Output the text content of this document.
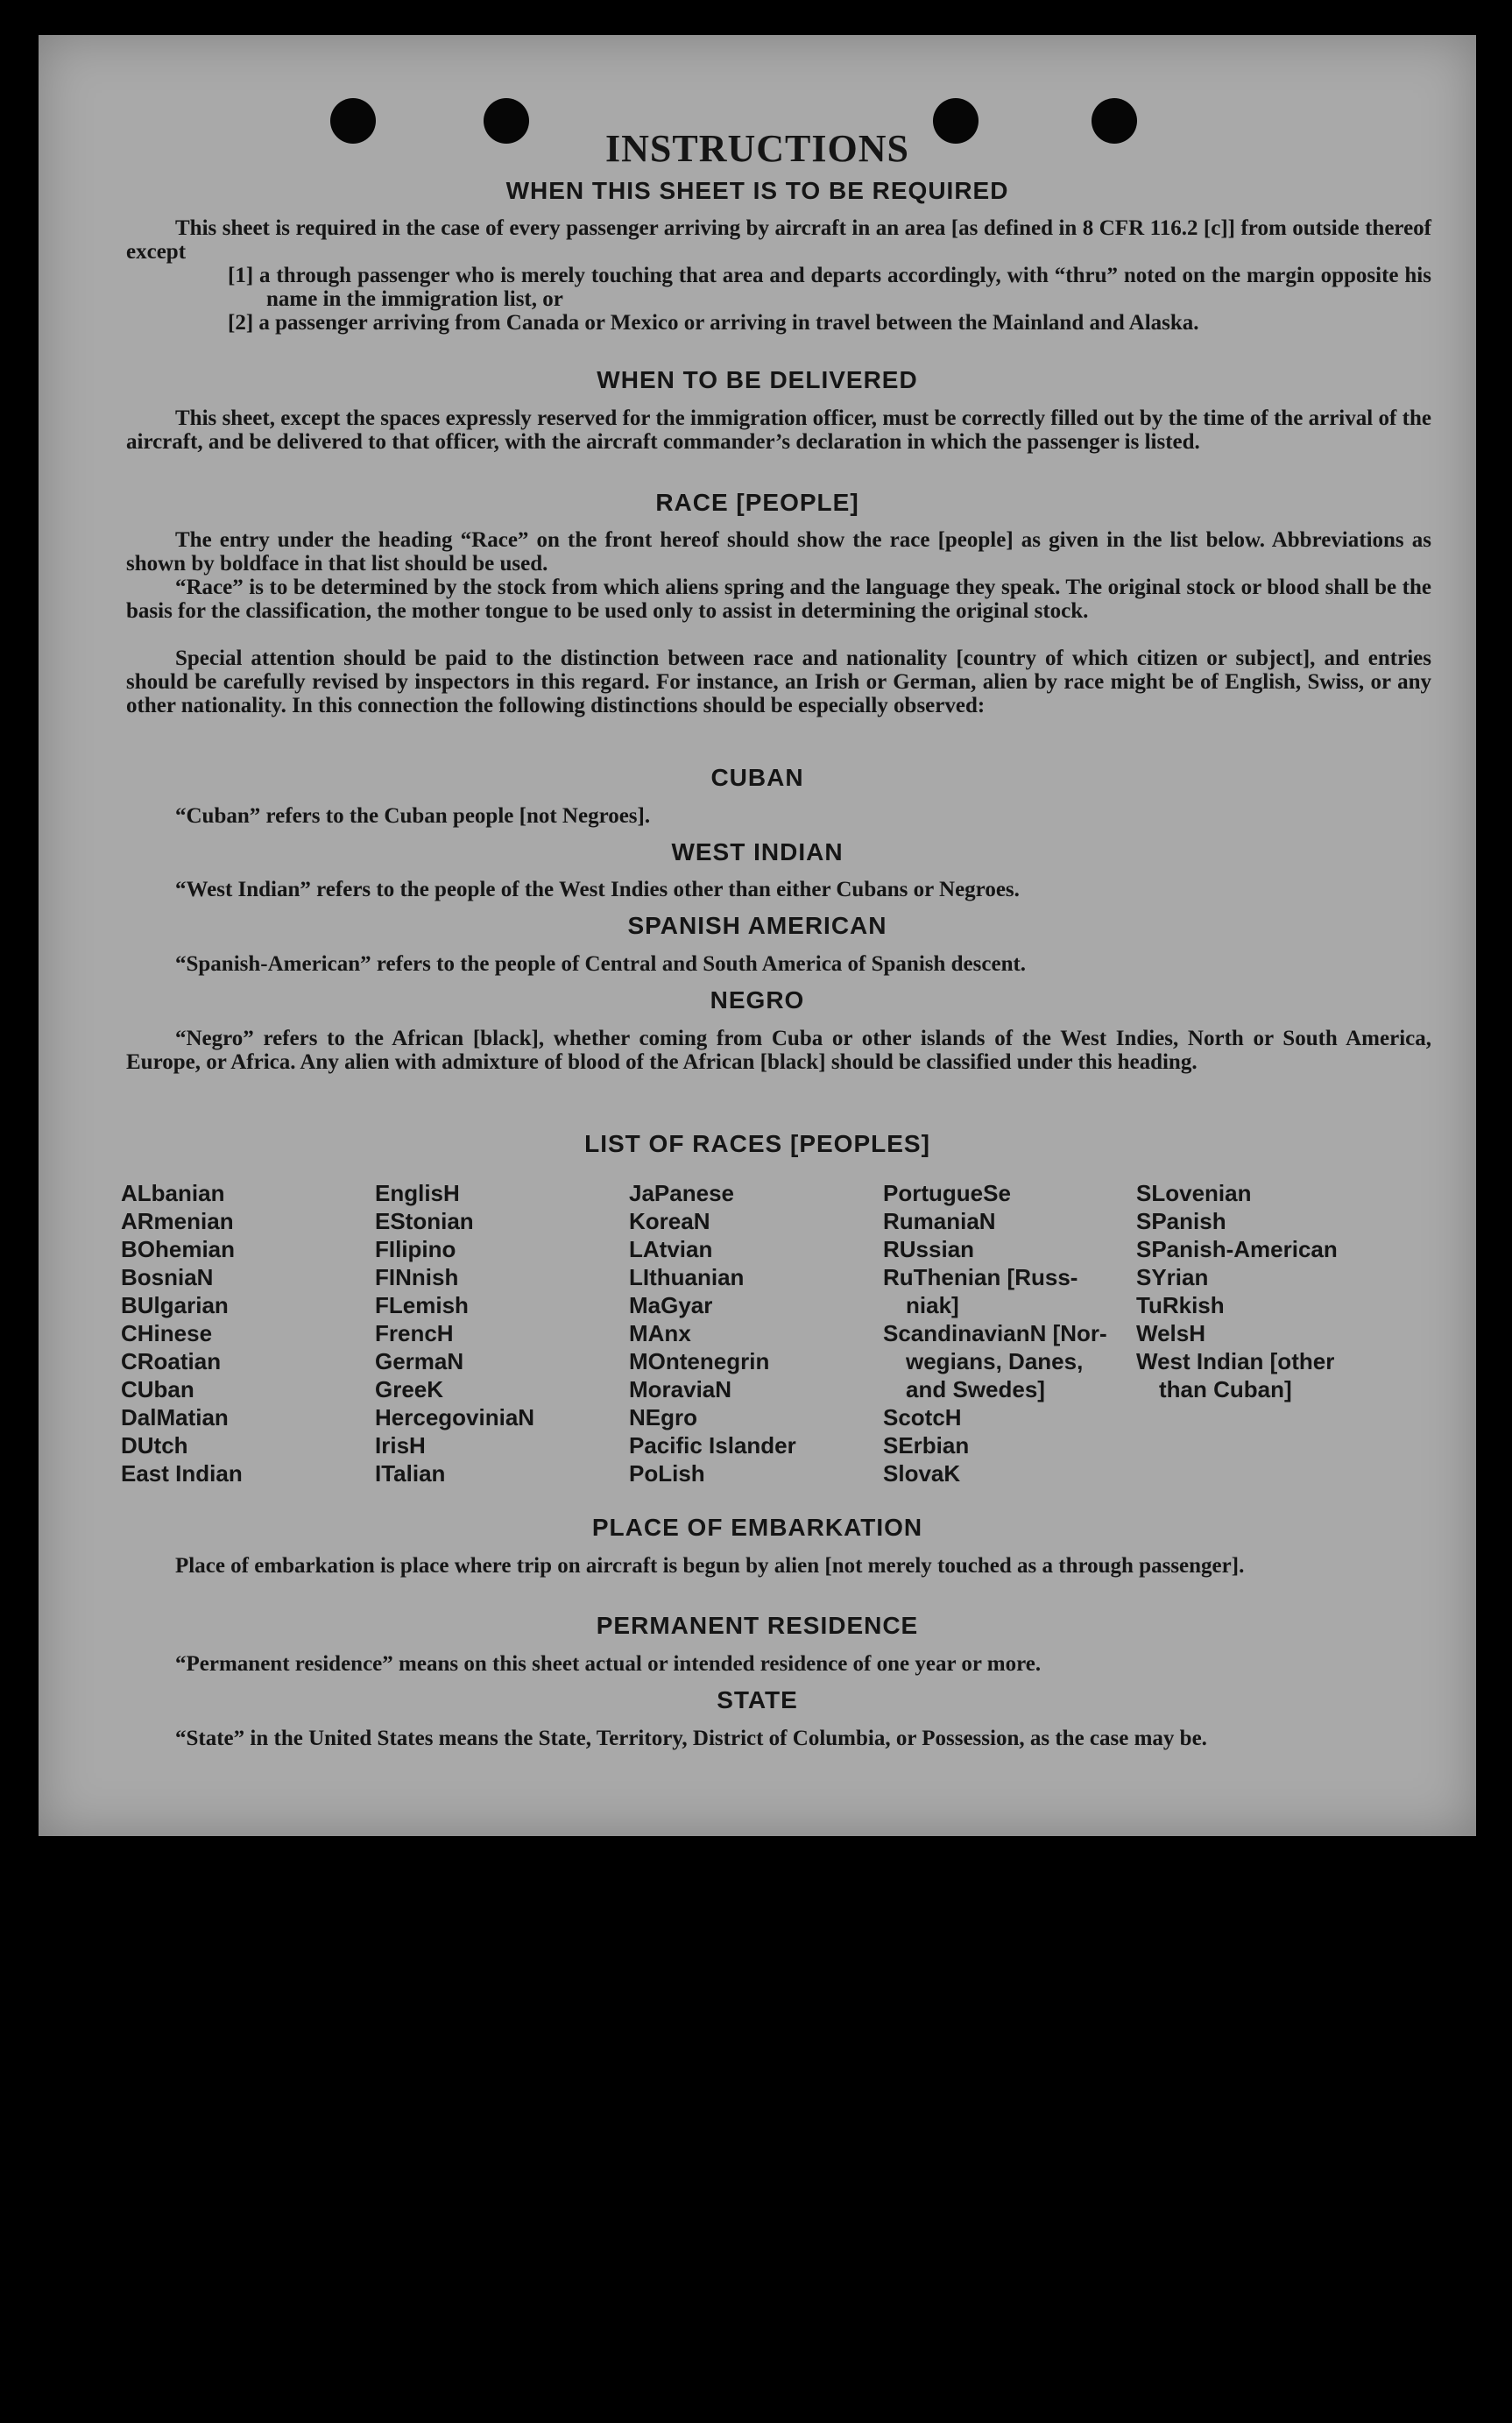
INSTRUCTIONS
WHEN THIS SHEET IS TO BE REQUIRED

This sheet is required in the case of every passenger arriving by aircraft in an area [as defined in 8 CFR 116.2 [c]] from outside thereof except

[1] a through passenger who is merely touching that area and departs accordingly, with “thru” noted on the margin opposite his name in the immigration list, or

[2] a passenger arriving from Canada or Mexico or arriving in travel between the Mainland and Alaska.

WHEN TO BE DELIVERED

This sheet, except the spaces expressly reserved for the immigration officer, must be correctly filled out by the time of the arrival of the aircraft, and be delivered to that officer, with the aircraft commander’s declaration in which the passenger is listed.

RACE [PEOPLE]

The entry under the heading “Race” on the front hereof should show the race [people] as given in the list below. Abbreviations as shown by boldface in that list should be used.

“Race” is to be determined by the stock from which aliens spring and the language they speak. The original stock or blood shall be the basis for the classification, the mother tongue to be used only to assist in determining the original stock.

Special attention should be paid to the distinction between race and nationality [country of which citizen or subject], and entries should be carefully revised by inspectors in this regard. For instance, an Irish or German, alien by race might be of English, Swiss, or any other nationality. In this connection the following distinctions should be especially observed:

CUBAN

“Cuban” refers to the Cuban people [not Negroes].

WEST INDIAN

“West Indian” refers to the people of the West Indies other than either Cubans or Negroes.

SPANISH AMERICAN

“Spanish-American” refers to the people of Central and South America of Spanish descent.

NEGRO

“Negro” refers to the African [black], whether coming from Cuba or other islands of the West Indies, North or South America, Europe, or Africa. Any alien with admixture of blood of the African [black] should be classified under this heading.

LIST OF RACES [PEOPLES]
ALbanian
ARmenian
BOhemian
BosniaN
BUlgarian
CHinese
CRoatian
CUban
DalMatian
DUtch
East Indian
EnglisH
EStonian
FIlipino
FINnish
FLemish
FrencH
GermaN
GreeK
HercegoviniaN
IrisH
ITalian
JaPanese
KoreaN
LAtvian
LIthuanian
MaGyar
MAnx
MOntenegrin
MoraviaN
NEgro
Pacific Islander
PoLish
PortugueSe
RumaniaN
RUssian
RuThenian [Russ-
niak]
ScandinavianN [Nor-
wegians, Danes,
and Swedes]
ScotcH
SErbian
SlovaK
SLovenian
SPanish
SPanish-American
SYrian
TuRkish
WelsH
West Indian [other
than Cuban]
PLACE OF EMBARKATION

Place of embarkation is place where trip on aircraft is begun by alien [not merely touched as a through passenger].

PERMANENT RESIDENCE

“Permanent residence” means on this sheet actual or intended residence of one year or more.

STATE

“State” in the United States means the State, Territory, District of Columbia, or Possession, as the case may be.
